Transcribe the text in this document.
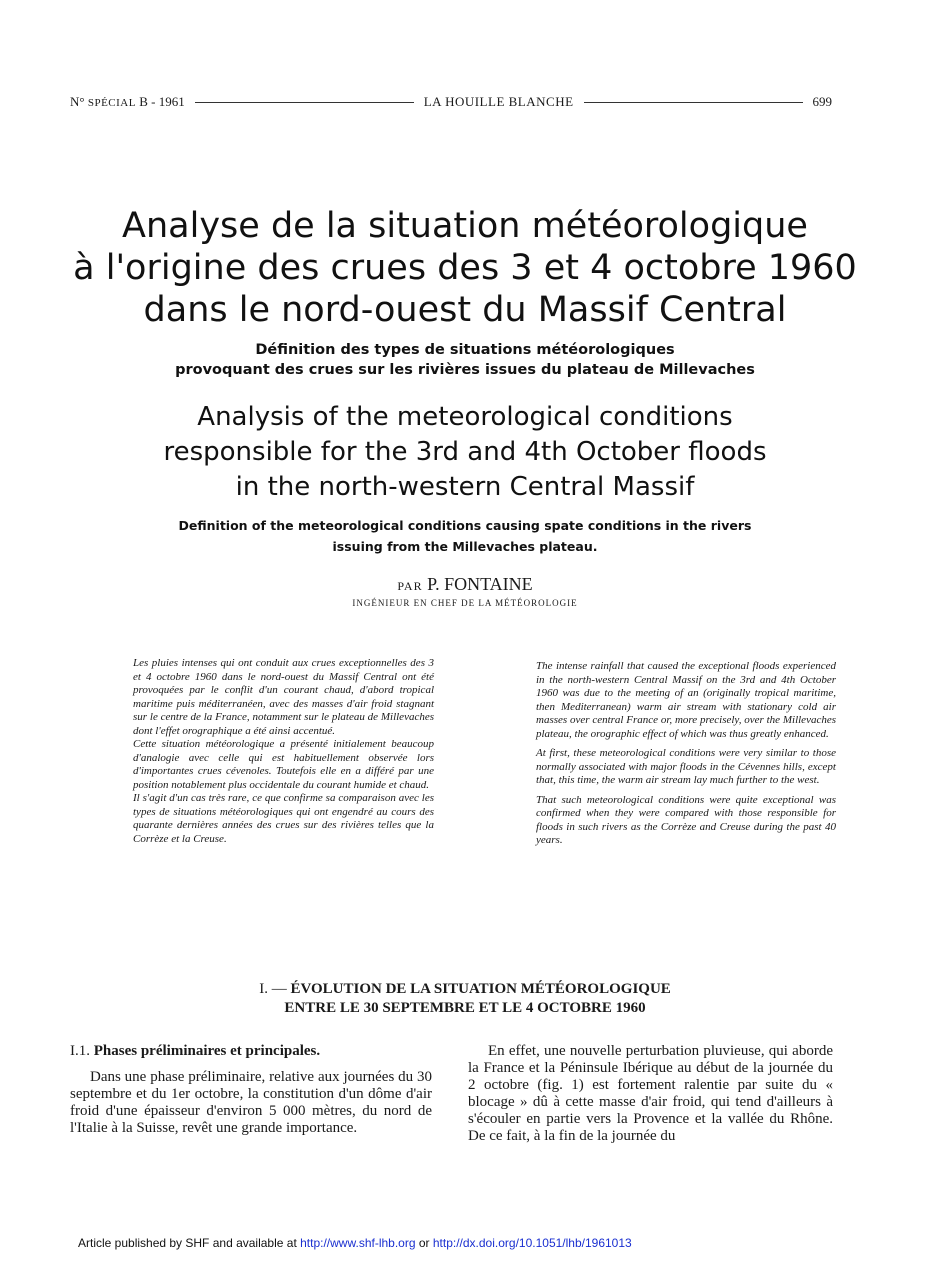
N° SPÉCIAL B - 1961	LA HOUILLE BLANCHE	699
Analyse de la situation météorologique
à l'origine des crues des 3 et 4 octobre 1960
dans le nord-ouest du Massif Central
Définition des types de situations météorologiques
provoquant des crues sur les rivières issues du plateau de Millevaches
Analysis of the meteorological conditions
responsible for the 3rd and 4th October floods
in the north-western Central Massif
Definition of the meteorological conditions causing spate conditions in the rivers
issuing from the Millevaches plateau.
PAR P. FONTAINE
INGÉNIEUR EN CHEF DE LA MÉTÉOROLOGIE

Les pluies intenses qui ont conduit aux crues exceptionnelles des 3 et 4 octobre 1960 dans le nord-ouest du Massif Central ont été provoquées par le conflit d'un courant chaud, d'abord tropical maritime puis méditerranéen, avec des masses d'air froid stagnant sur le centre de la France, notamment sur le plateau de Millevaches dont l'effet orographique a été ainsi accentué.

Cette situation météorologique a présenté initialement beaucoup d'analogie avec celle qui est habituellement observée lors d'importantes crues cévenoles. Toutefois elle en a différé par une position notablement plus occidentale du courant humide et chaud.

Il s'agit d'un cas très rare, ce que confirme sa comparaison avec les types de situations météorologiques qui ont engendré au cours des quarante dernières années des crues sur des rivières telles que la Corrèze et la Creuse.

The intense rainfall that caused the exceptional floods experienced in the north-western Central Massif on the 3rd and 4th October 1960 was due to the meeting of an (originally tropical maritime, then Mediterranean) warm air stream with stationary cold air masses over central France or, more precisely, over the Millevaches plateau, the orographic effect of which was thus greatly enhanced.

At first, these meteorological conditions were very similar to those normally associated with major floods in the Cévennes hills, except that, this time, the warm air stream lay much further to the west.

That such meteorological conditions were quite exceptional was confirmed when they were compared with those responsible for floods in such rivers as the Corrèze and Creuse during the past 40 years.

I. — ÉVOLUTION DE LA SITUATION MÉTÉOROLOGIQUE
ENTRE LE 30 SEPTEMBRE ET LE 4 OCTOBRE 1960
I.1. Phases préliminaires et principales.

Dans une phase préliminaire, relative aux journées du 30 septembre et du 1er octobre, la constitution d'un dôme d'air froid d'une épaisseur d'environ 5 000 mètres, du nord de l'Italie à la Suisse, revêt une grande importance.

En effet, une nouvelle perturbation pluvieuse, qui aborde la France et la Péninsule Ibérique au début de la journée du 2 octobre (fig. 1) est fortement ralentie par suite du « blocage » dû à cette masse d'air froid, qui tend d'ailleurs à s'écouler en partie vers la Provence et la vallée du Rhône. De ce fait, à la fin de la journée du

Article published by SHF and available at http://www.shf-lhb.org or http://dx.doi.org/10.1051/lhb/1961013
